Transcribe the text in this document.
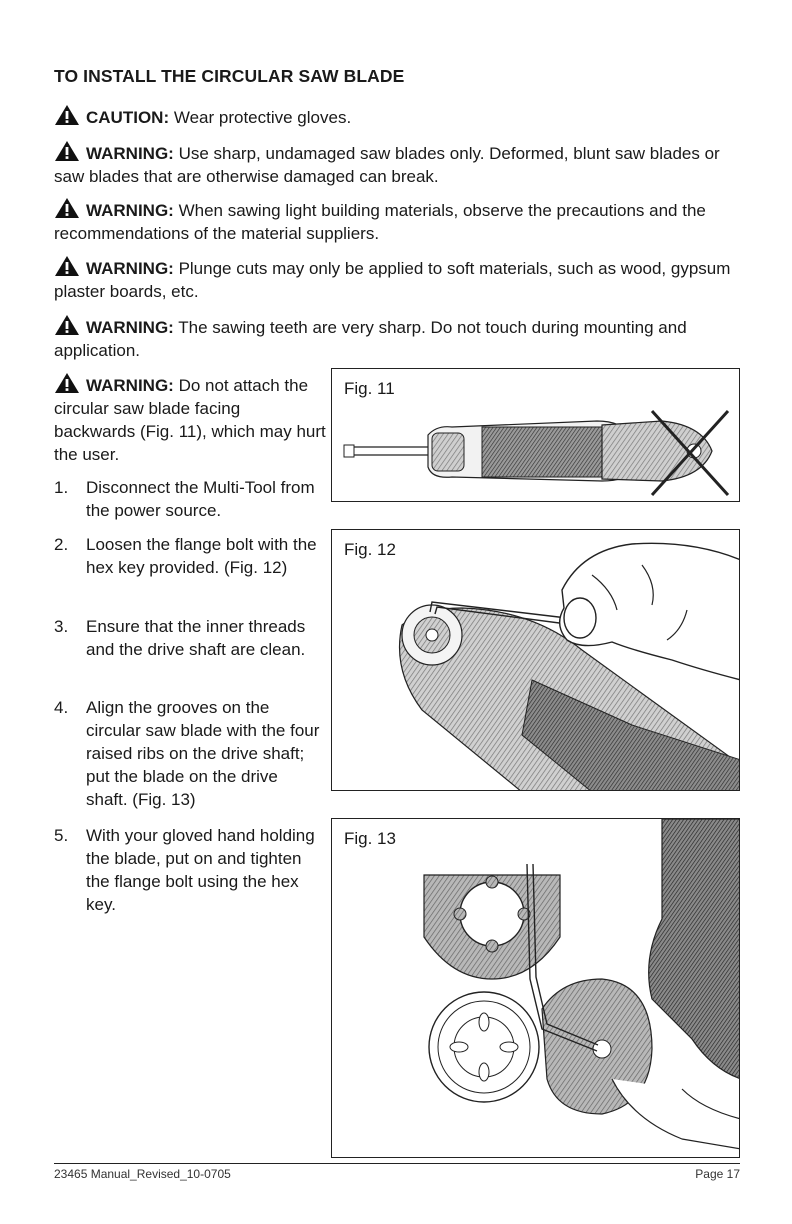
TO INSTALL THE CIRCULAR SAW BLADE
CAUTION: Wear protective gloves.
WARNING: Use sharp, undamaged saw blades only. Deformed, blunt saw blades or saw blades that are otherwise damaged can break.
WARNING: When sawing light building materials, observe the precautions and the recommendations of the material suppliers.
WARNING: Plunge cuts may only be applied to soft materials, such as wood, gypsum plaster boards, etc.
WARNING: The sawing teeth are very sharp. Do not touch during mounting and application.
WARNING: Do not attach the circular saw blade facing backwards (Fig. 11), which may hurt the user.
1. Disconnect the Multi-Tool from the power source.
2. Loosen the flange bolt with the hex key provided. (Fig. 12)
3. Ensure that the inner threads and the drive shaft are clean.
4. Align the grooves on the circular saw blade with the four raised ribs on the drive shaft; put the blade on the drive shaft. (Fig. 13)
5. With your gloved hand holding the blade, put on and tighten the flange bolt using the hex key.
Fig. 11
Fig. 12
Fig. 13
23465 Manual_Revised_10-0705	Page 17
